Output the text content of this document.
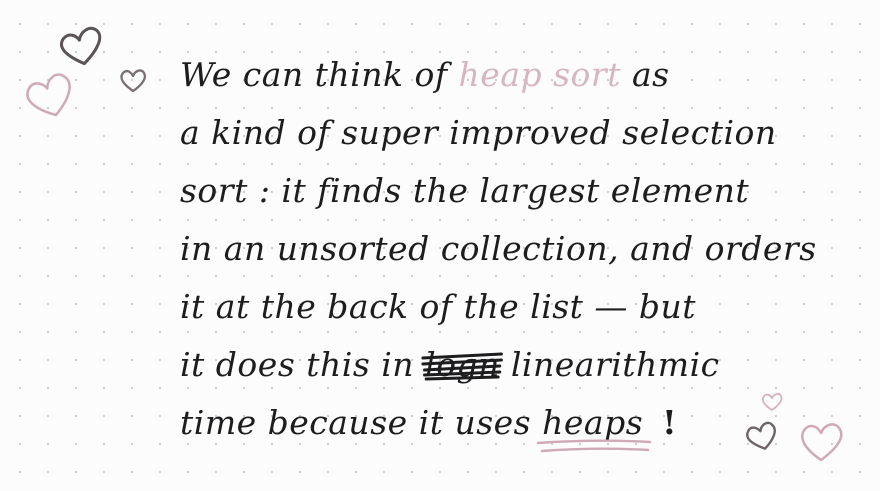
We can think of heap sort as
a kind of super improved selection
sort : it finds the largest element
in an unsorted collection, and orders
it at the back of the list — but
it does this in logn linearithmic
time because it uses heaps !
